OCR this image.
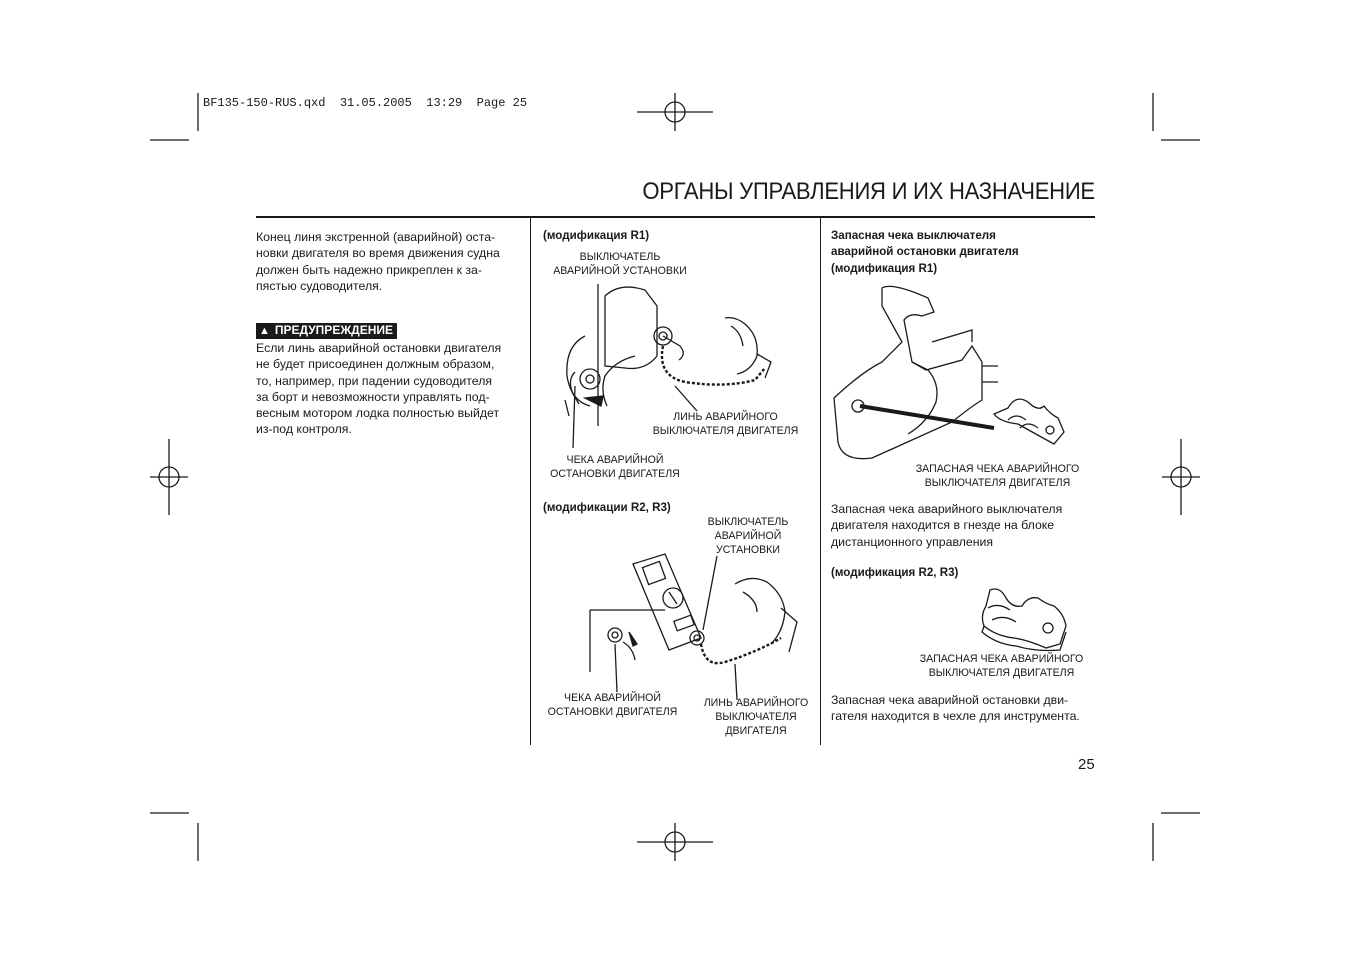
BF135-150-RUS.qxd  31.05.2005  13:29  Page 25
ОРГАНЫ УПРАВЛЕНИЯ И ИХ НАЗНАЧЕНИЕ
Конец линя экстренной (аварийной) оста-
новки двигателя во время движения судна
должен быть надежно прикреплен к за-
пястью судоводителя.
▲ ПРЕДУПРЕЖДЕНИЕ
Если линь аварийной остановки двигателя
не будет присоединен должным образом,
то, например, при падении судоводителя
за борт и невозможности управлять под-
весным мотором лодка полностью выйдет
из-под контроля.
(модификация R1)
ВЫКЛЮЧАТЕЛЬ
АВАРИЙНОЙ УСТАНОВКИ
ЛИНЬ АВАРИЙНОГО
ВЫКЛЮЧАТЕЛЯ ДВИГАТЕЛЯ
ЧЕКА АВАРИЙНОЙ
ОСТАНОВКИ ДВИГАТЕЛЯ
(модификации R2, R3)
ВЫКЛЮЧАТЕЛЬ
АВАРИЙНОЙ
УСТАНОВКИ
ЧЕКА АВАРИЙНОЙ
ОСТАНОВКИ ДВИГАТЕЛЯ
ЛИНЬ АВАРИЙНОГО
ВЫКЛЮЧАТЕЛЯ
ДВИГАТЕЛЯ
Запасная чека выключателя
аварийной остановки двигателя
(модификация R1)
ЗАПАСНАЯ ЧЕКА АВАРИЙНОГО
ВЫКЛЮЧАТЕЛЯ ДВИГАТЕЛЯ
Запасная чека аварийного выключателя
двигателя находится в гнезде на блоке
дистанционного управления
(модификация R2, R3)
ЗАПАСНАЯ ЧЕКА АВАРИЙНОГО
ВЫКЛЮЧАТЕЛЯ ДВИГАТЕЛЯ
Запасная чека аварийной остановки дви-
гателя находится в чехле для инструмента.
25
